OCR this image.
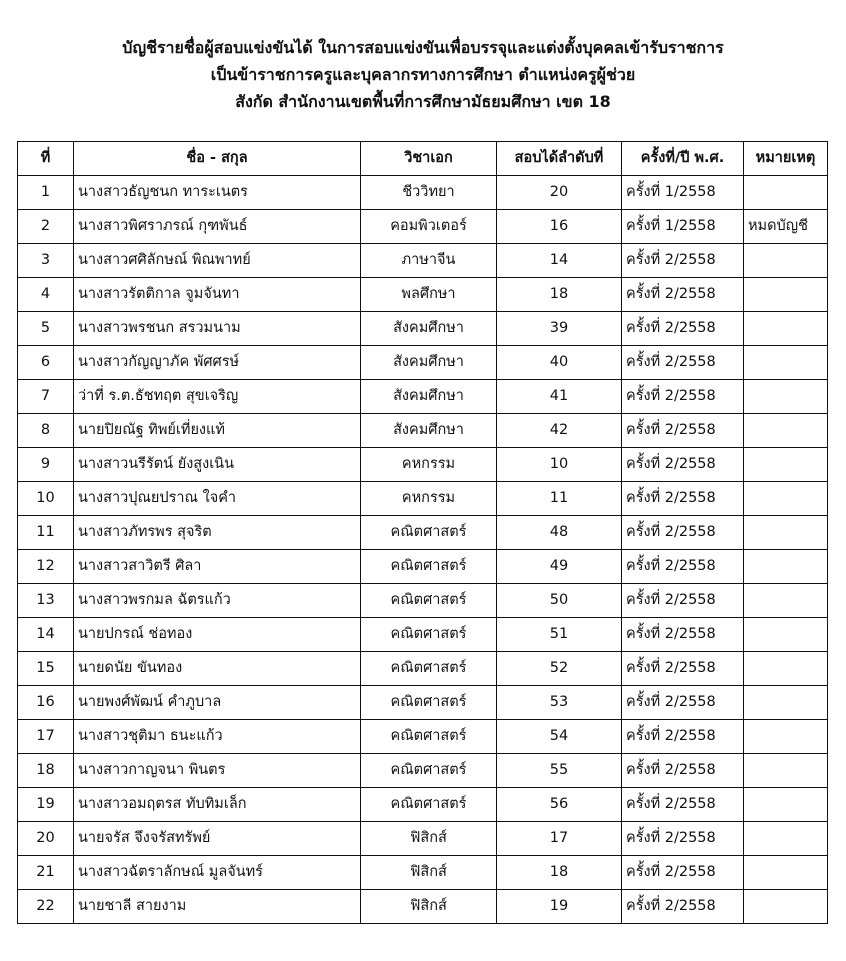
บัญชีรายชื่อผู้สอบแข่งขันได้ ในการสอบแข่งขันเพื่อบรรจุและแต่งตั้งบุคคลเข้ารับราชการ
เป็นข้าราชการครูและบุคลากรทางการศึกษา ตำแหน่งครูผู้ช่วย
สังกัด สำนักงานเขตพื้นที่การศึกษามัธยมศึกษา เขต 18
ที่	ชื่อ - สกุล	วิชาเอก	สอบได้ลำดับที่	ครั้งที่/ปี พ.ศ.	หมายเหตุ
1	นางสาวธัญชนก ทาระเนตร	ชีววิทยา	20	ครั้งที่ 1/2558	
2	นางสาวพิศราภรณ์ กุฑพันธ์	คอมพิวเตอร์	16	ครั้งที่ 1/2558	หมดบัญชี
3	นางสาวศศิลักษณ์ พิณพาทย์	ภาษาจีน	14	ครั้งที่ 2/2558	
4	นางสาวรัตติกาล จูมจันทา	พลศึกษา	18	ครั้งที่ 2/2558	
5	นางสาวพรชนก สรวมนาม	สังคมศึกษา	39	ครั้งที่ 2/2558	
6	นางสาวกัญญาภัค พัศศรษ์	สังคมศึกษา	40	ครั้งที่ 2/2558	
7	ว่าที่ ร.ต.ธัชทฤต สุขเจริญ	สังคมศึกษา	41	ครั้งที่ 2/2558	
8	นายปิยณัฐ ทิพย์เที่ยงแท้	สังคมศึกษา	42	ครั้งที่ 2/2558	
9	นางสาวนรีรัตน์ ยังสูงเนิน	คหกรรม	10	ครั้งที่ 2/2558	
10	นางสาวปุณยปราณ ใจคำ	คหกรรม	11	ครั้งที่ 2/2558	
11	นางสาวภัทรพร สุจริต	คณิตศาสตร์	48	ครั้งที่ 2/2558	
12	นางสาวสาวิตรี ศิลา	คณิตศาสตร์	49	ครั้งที่ 2/2558	
13	นางสาวพรกมล ฉัตรแก้ว	คณิตศาสตร์	50	ครั้งที่ 2/2558	
14	นายปกรณ์ ช่อทอง	คณิตศาสตร์	51	ครั้งที่ 2/2558	
15	นายดนัย ขันทอง	คณิตศาสตร์	52	ครั้งที่ 2/2558	
16	นายพงศ์พัฒน์ คำภูบาล	คณิตศาสตร์	53	ครั้งที่ 2/2558	
17	นางสาวชุติมา ธนะแก้ว	คณิตศาสตร์	54	ครั้งที่ 2/2558	
18	นางสาวกาญจนา พินตร	คณิตศาสตร์	55	ครั้งที่ 2/2558	
19	นางสาวอมฤตรส ทับทิมเล็ก	คณิตศาสตร์	56	ครั้งที่ 2/2558	
20	นายจรัส จึงจรัสทรัพย์	ฟิสิกส์	17	ครั้งที่ 2/2558	
21	นางสาวฉัตราลักษณ์ มูลจันทร์	ฟิสิกส์	18	ครั้งที่ 2/2558	
22	นายชาลี สายงาม	ฟิสิกส์	19	ครั้งที่ 2/2558	
